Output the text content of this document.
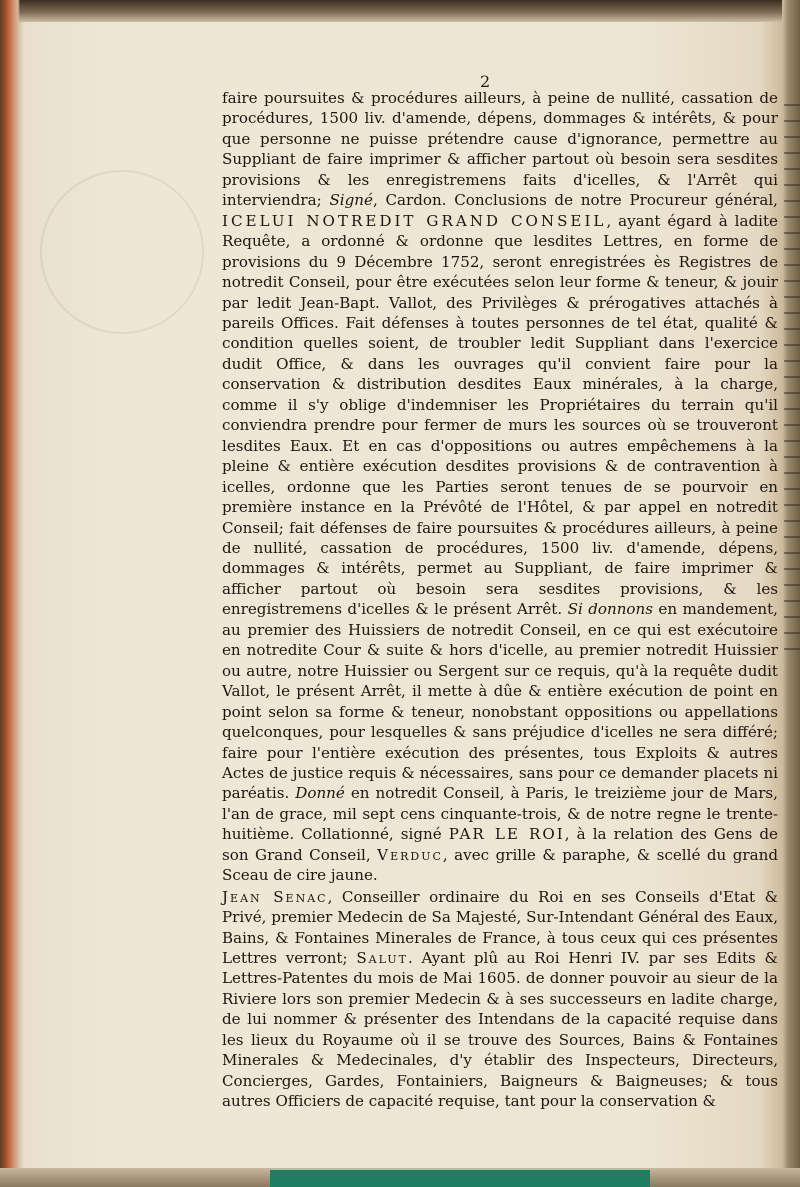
2

faire poursuites & procédures ailleurs, à peine de nullité, cassation de procédures, 1500 liv. d'amende, dépens, dommages & intérêts, & pour que personne ne puisse prétendre cause d'ignorance, permettre au Suppliant de faire imprimer & afficher partout où besoin sera sesdites provisions & les enregistremens faits d'icelles, & l'Arrêt qui interviendra; Signé, Cardon. Conclusions de notre Procureur général, ICELUI NOTREDIT GRAND CONSEIL, ayant égard à ladite Requête, a ordonné & ordonne que lesdites Lettres, en forme de provisions du 9 Décembre 1752, seront enregistrées ès Registres de notredit Conseil, pour être exécutées selon leur forme & teneur, & jouir par ledit Jean-Bapt. Vallot, des Privilèges & prérogatives attachés à pareils Offices. Fait défenses à toutes personnes de tel état, qualité & condition quelles soient, de troubler ledit Suppliant dans l'exercice dudit Office, & dans les ouvrages qu'il convient faire pour la conservation & distribution desdites Eaux minérales, à la charge, comme il s'y oblige d'indemniser les Propriétaires du terrain qu'il conviendra prendre pour fermer de murs les sources où se trouveront lesdites Eaux. Et en cas d'oppositions ou autres empêchemens à la pleine & entière exécution desdites provisions & de contravention à icelles, ordonne que les Parties seront tenues de se pourvoir en première instance en la Prévôté de l'Hôtel, & par appel en notredit Conseil; fait défenses de faire poursuites & procédures ailleurs, à peine de nullité, cassation de procédures, 1500 liv. d'amende, dépens, dommages & intérêts, permet au Suppliant, de faire imprimer & afficher partout où besoin sera sesdites provisions, & les enregistremens d'icelles & le présent Arrêt. Si donnons en mandement, au premier des Huissiers de notredit Conseil, en ce qui est exécutoire en notredite Cour & suite & hors d'icelle, au premier notredit Huissier ou autre, notre Huissier ou Sergent sur ce requis, qu'à la requête dudit Vallot, le présent Arrêt, il mette à dûe & entière exécution de point en point selon sa forme & teneur, nonobstant oppositions ou appellations quelconques, pour lesquelles & sans préjudice d'icelles ne sera différé; faire pour l'entière exécution des présentes, tous Exploits & autres Actes de justice requis & nécessaires, sans pour ce demander placets ni paréatis. Donné en notredit Conseil, à Paris, le treizième jour de Mars, l'an de grace, mil sept cens cinquante-trois, & de notre regne le trente-huitième. Collationné, signé PAR LE ROI, à la relation des Gens de son Grand Conseil, Verduc, avec grille & paraphe, & scellé du grand Sceau de cire jaune.

Jean Senac, Conseiller ordinaire du Roi en ses Conseils d'Etat & Privé, premier Medecin de Sa Majesté, Sur-Intendant Général des Eaux, Bains, & Fontaines Minerales de France, à tous ceux qui ces présentes Lettres verront; Salut. Ayant plû au Roi Henri IV. par ses Edits & Lettres-Patentes du mois de Mai 1605. de donner pouvoir au sieur de la Riviere lors son premier Medecin & à ses successeurs en ladite charge, de lui nommer & présenter des Intendans de la capacité requise dans les lieux du Royaume où il se trouve des Sources, Bains & Fontaines Minerales & Medecinales, d'y établir des Inspecteurs, Directeurs, Concierges, Gardes, Fontainiers, Baigneurs & Baigneuses; & tous autres Officiers de capacité requise, tant pour la conservation &
